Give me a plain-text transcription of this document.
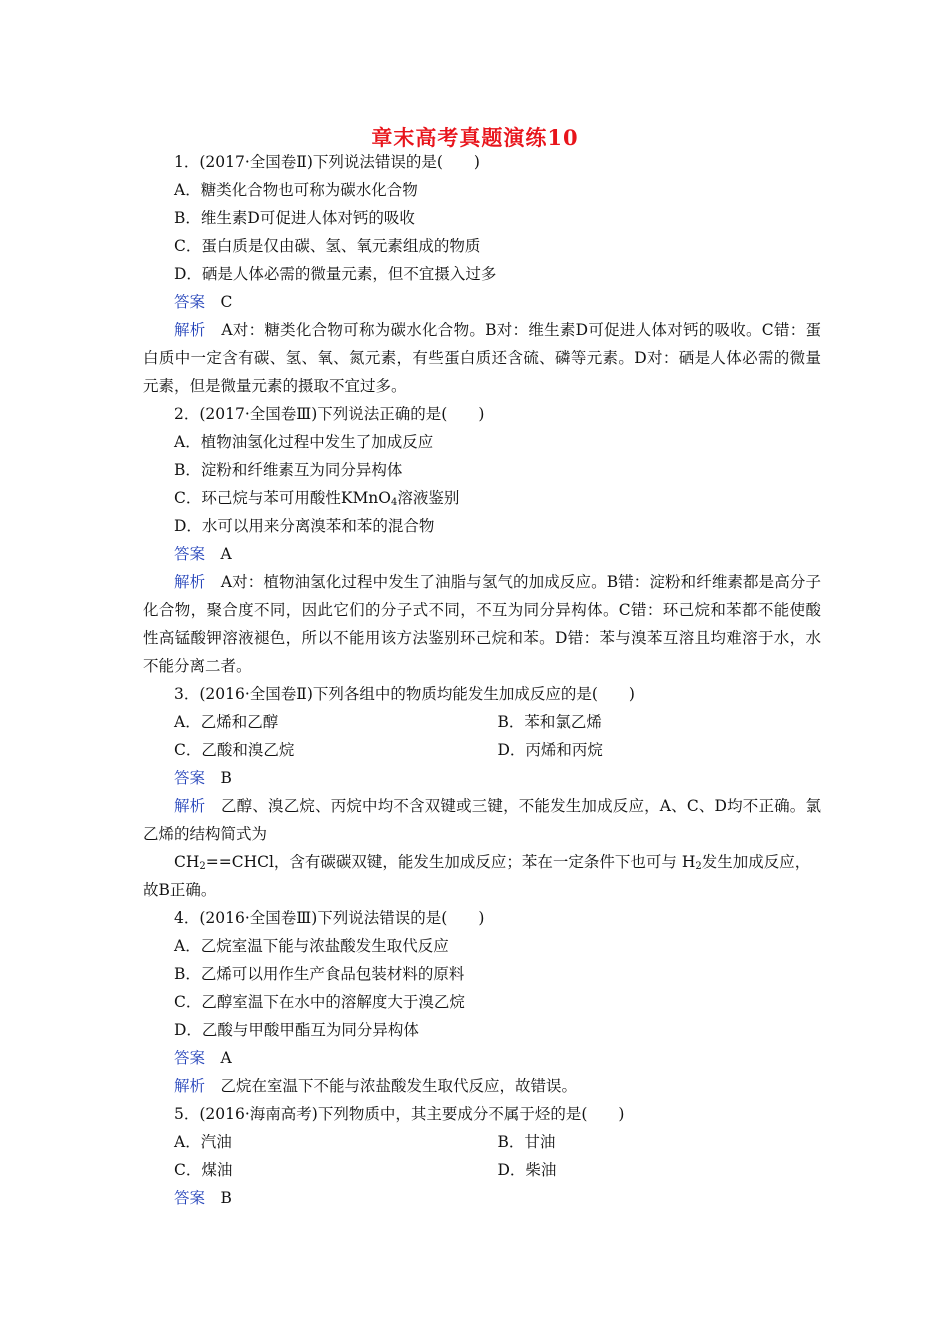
章末高考真题演练10
1．(2017·全国卷Ⅱ)下列说法错误的是(　　)
A．糖类化合物也可称为碳水化合物
B．维生素D可促进人体对钙的吸收
C．蛋白质是仅由碳、氢、氧元素组成的物质
D．硒是人体必需的微量元素，但不宜摄入过多
答案　 C
解析　 A对：糖类化合物可称为碳水化合物。B对：维生素D可促进人体对钙的吸收。C错：蛋白质中一定含有碳、氢、氧、氮元素，有些蛋白质还含硫、磷等元素。D对：硒是人体必需的微量元素，但是微量元素的摄取不宜过多。
2．(2017·全国卷Ⅲ)下列说法正确的是(　　)
A．植物油氢化过程中发生了加成反应
B．淀粉和纤维素互为同分异构体
C．环己烷与苯可用酸性KMnO$_4$溶液鉴别
D．水可以用来分离溴苯和苯的混合物
答案　 A
解析　 A对：植物油氢化过程中发生了油脂与氢气的加成反应。B错：淀粉和纤维素都是高分子化合物，聚合度不同，因此它们的分子式不同，不互为同分异构体。C错：环己烷和苯都不能使酸性高锰酸钾溶液褪色，所以不能用该方法鉴别环己烷和苯。D错：苯与溴苯互溶且均难溶于水，水不能分离二者。
3．(2016·全国卷Ⅱ)下列各组中的物质均能发生加成反应的是(　　)
A．乙烯和乙醇	B．苯和氯乙烯
C．乙酸和溴乙烷	D．丙烯和丙烷
答案　 B
解析　 乙醇、溴乙烷、丙烷中均不含双键或三键，不能发生加成反应，A、C、D均不正确。氯乙烯的结构简式为
$CH_2==CHCl$，含有碳碳双键，能发生加成反应；苯在一定条件下也可与 $H_2$发生加成反应，
故B正确。
4．(2016·全国卷Ⅲ)下列说法错误的是(　　)
A．乙烷室温下能与浓盐酸发生取代反应
B．乙烯可以用作生产食品包装材料的原料
C．乙醇室温下在水中的溶解度大于溴乙烷
D．乙酸与甲酸甲酯互为同分异构体
答案　 A
解析　 乙烷在室温下不能与浓盐酸发生取代反应，故错误。
5．(2016·海南高考)下列物质中，其主要成分不属于烃的是(　　)
A．汽油	B．甘油
C．煤油	D．柴油
答案　 B
